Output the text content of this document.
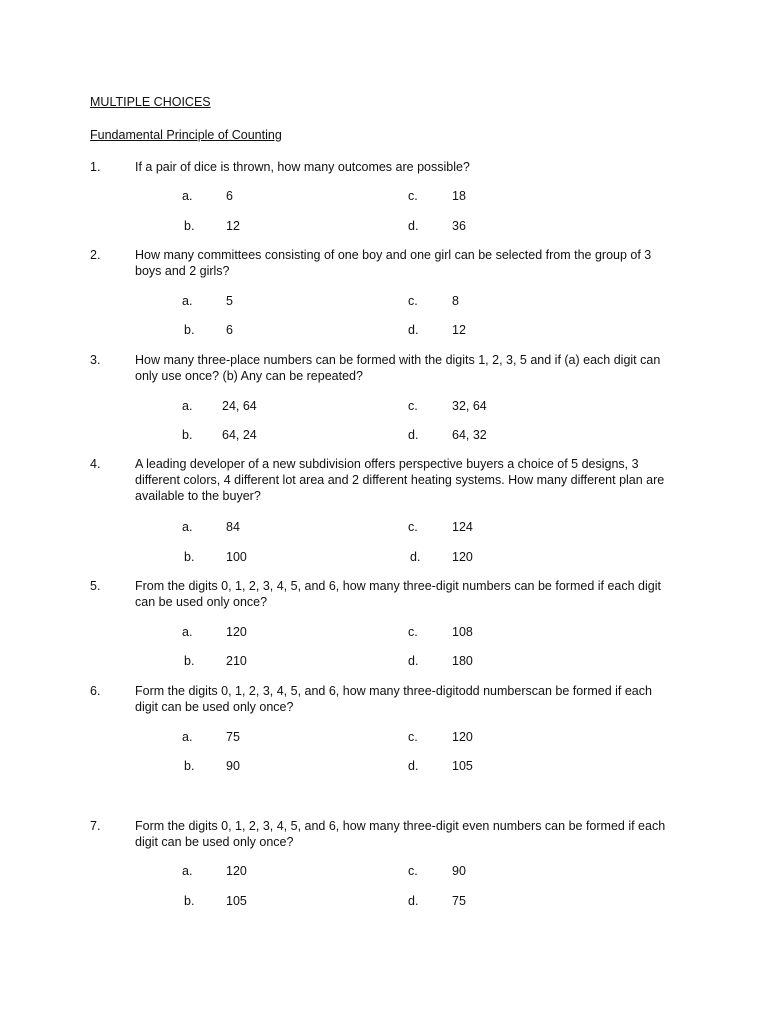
MULTIPLE CHOICES
Fundamental Principle of Counting
1.	If a pair of dice is thrown, how many outcomes are possible?
a.	6	c.	18
b.	12	d.	36
2.	How many committees consisting of one boy and one girl can be selected from the group of 3 boys and 2 girls?
a.	5	c.	8
b.	6	d.	12
3.	How many three-place numbers can be formed with the digits 1, 2, 3, 5 and if (a) each digit can only use once? (b) Any can be repeated?
a. 24, 64	c.	32, 64
b. 64, 24	d.	64, 32
4.	A leading developer of a new subdivision offers perspective buyers a choice of 5 designs, 3 different colors, 4 different lot area and 2 different heating systems. How many different plan are available to the buyer?
a.	84	c.	124
b.	100	d.	120
5.	From the digits 0, 1, 2, 3, 4, 5, and 6, how many three-digit numbers can be formed if each digit can be used only once?
a.	120	c.	108
b.	210	d.	180
6.	Form the digits 0, 1, 2, 3, 4, 5, and 6, how many three-digitodd numberscan be formed if each digit can be used only once?
a.	75	c.	120
b.	90	d.	105
7.	Form the digits 0, 1, 2, 3, 4, 5, and 6, how many three-digit even numbers can be formed if each digit can be used only once?
a.	120	c.	90
b.	105	d.	75
